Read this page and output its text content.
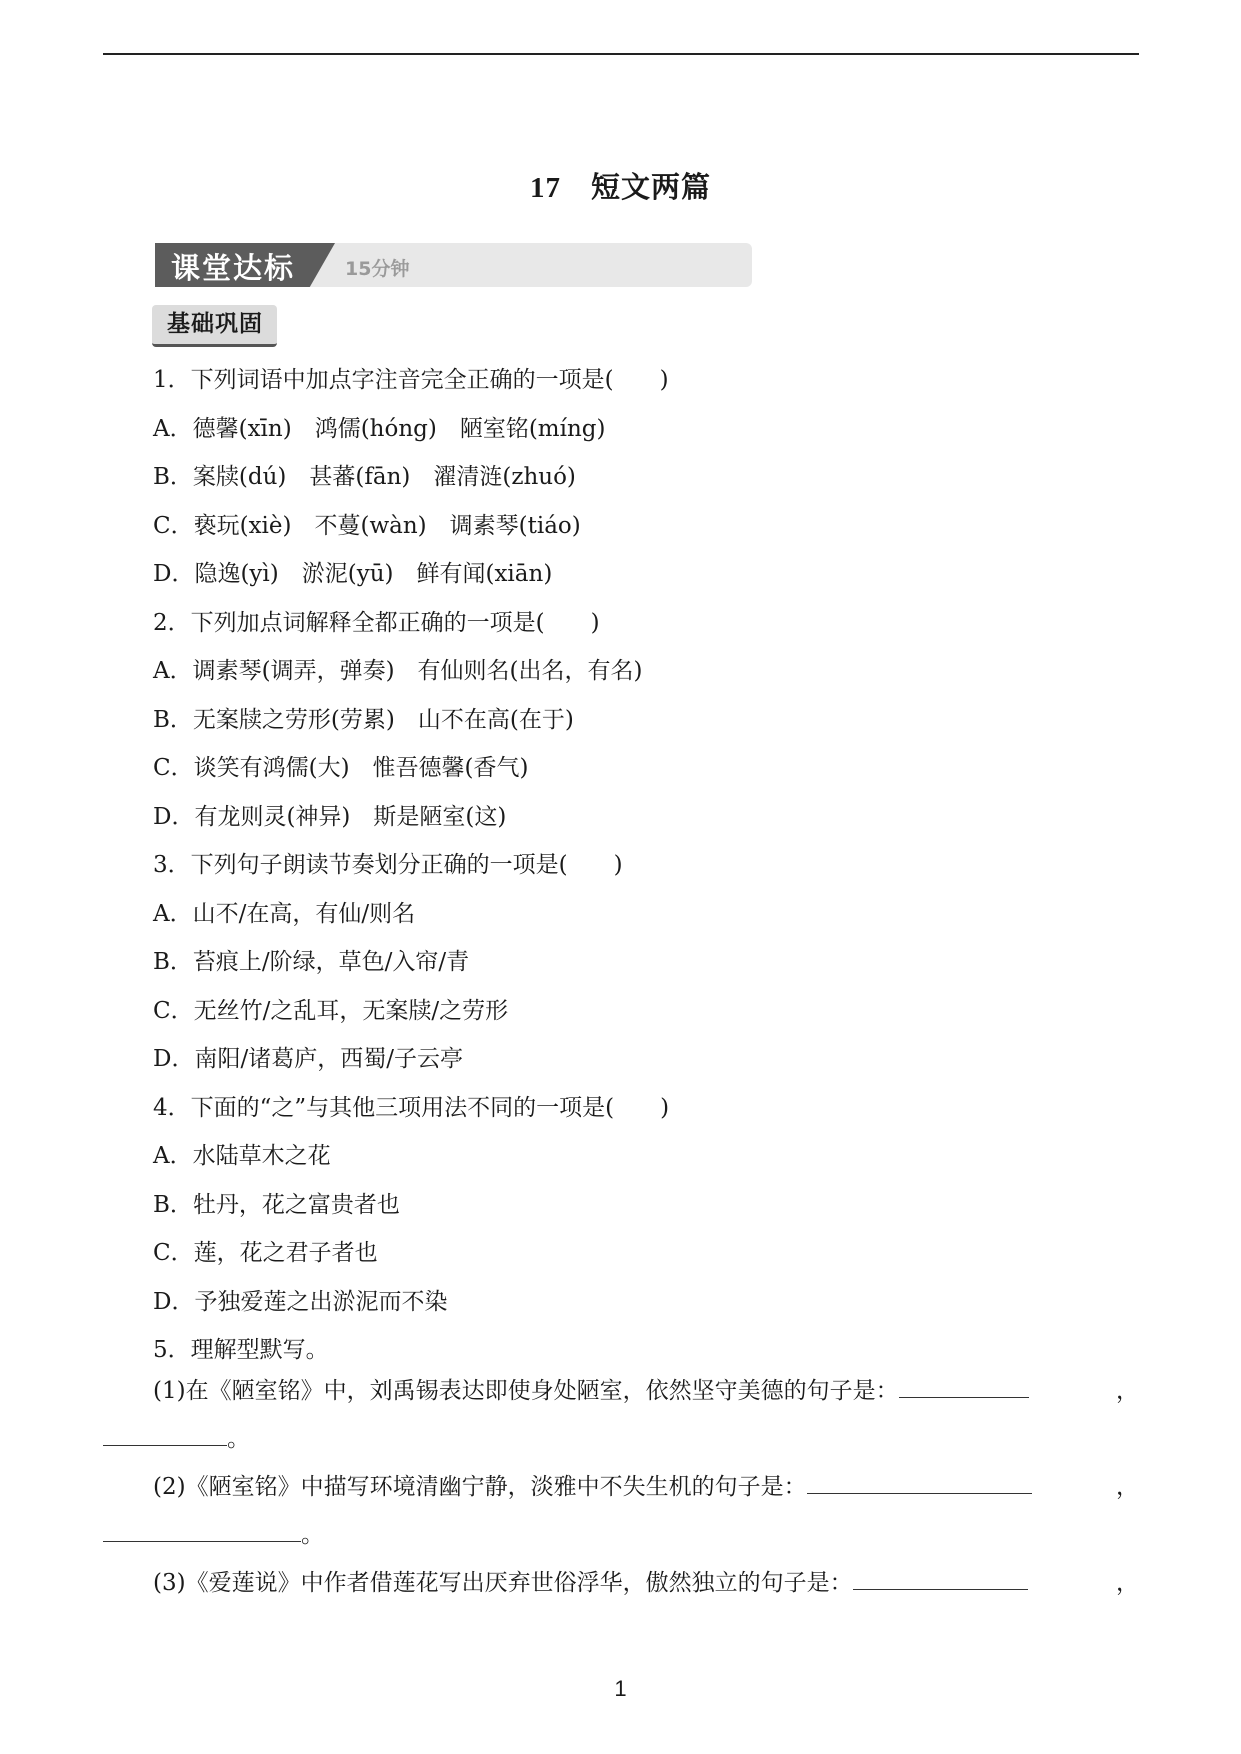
17 短文两篇
课堂达标	15分钟
基础巩固
1．下列词语中加点字注音完全正确的一项是(　　)
A．德馨(xīn)　鸿儒(hóng)　陋室铭(míng)
B．案牍(dú)　甚蕃(fān)　濯清涟(zhuó)
C．亵玩(xiè)　不蔓(wàn)　调素琴(tiáo)
D．隐逸(yì)　淤泥(yū)　鲜有闻(xiān)
2．下列加点词解释全都正确的一项是(　　)
A．调素琴(调弄，弹奏)　有仙则名(出名，有名)
B．无案牍之劳形(劳累)　山不在高(在于)
C．谈笑有鸿儒(大)　惟吾德馨(香气)
D．有龙则灵(神异)　斯是陋室(这)
3．下列句子朗读节奏划分正确的一项是(　　)
A．山不/在高，有仙/则名
B．苔痕上/阶绿，草色/入帘/青
C．无丝竹/之乱耳，无案牍/之劳形
D．南阳/诸葛庐，西蜀/子云亭
4．下面的“之”与其他三项用法不同的一项是(　　)
A．水陆草木之花
B．牡丹，花之富贵者也
C．莲，花之君子者也
D．予独爱莲之出淤泥而不染
5．理解型默写。
(1)在《陋室铭》中，刘禹锡表达即使身处陋室，依然坚守美德的句子是：	，
。
(2)《陋室铭》中描写环境清幽宁静，淡雅中不失生机的句子是：	，
。
(3)《爱莲说》中作者借莲花写出厌弃世俗浮华，傲然独立的句子是：	，
1
